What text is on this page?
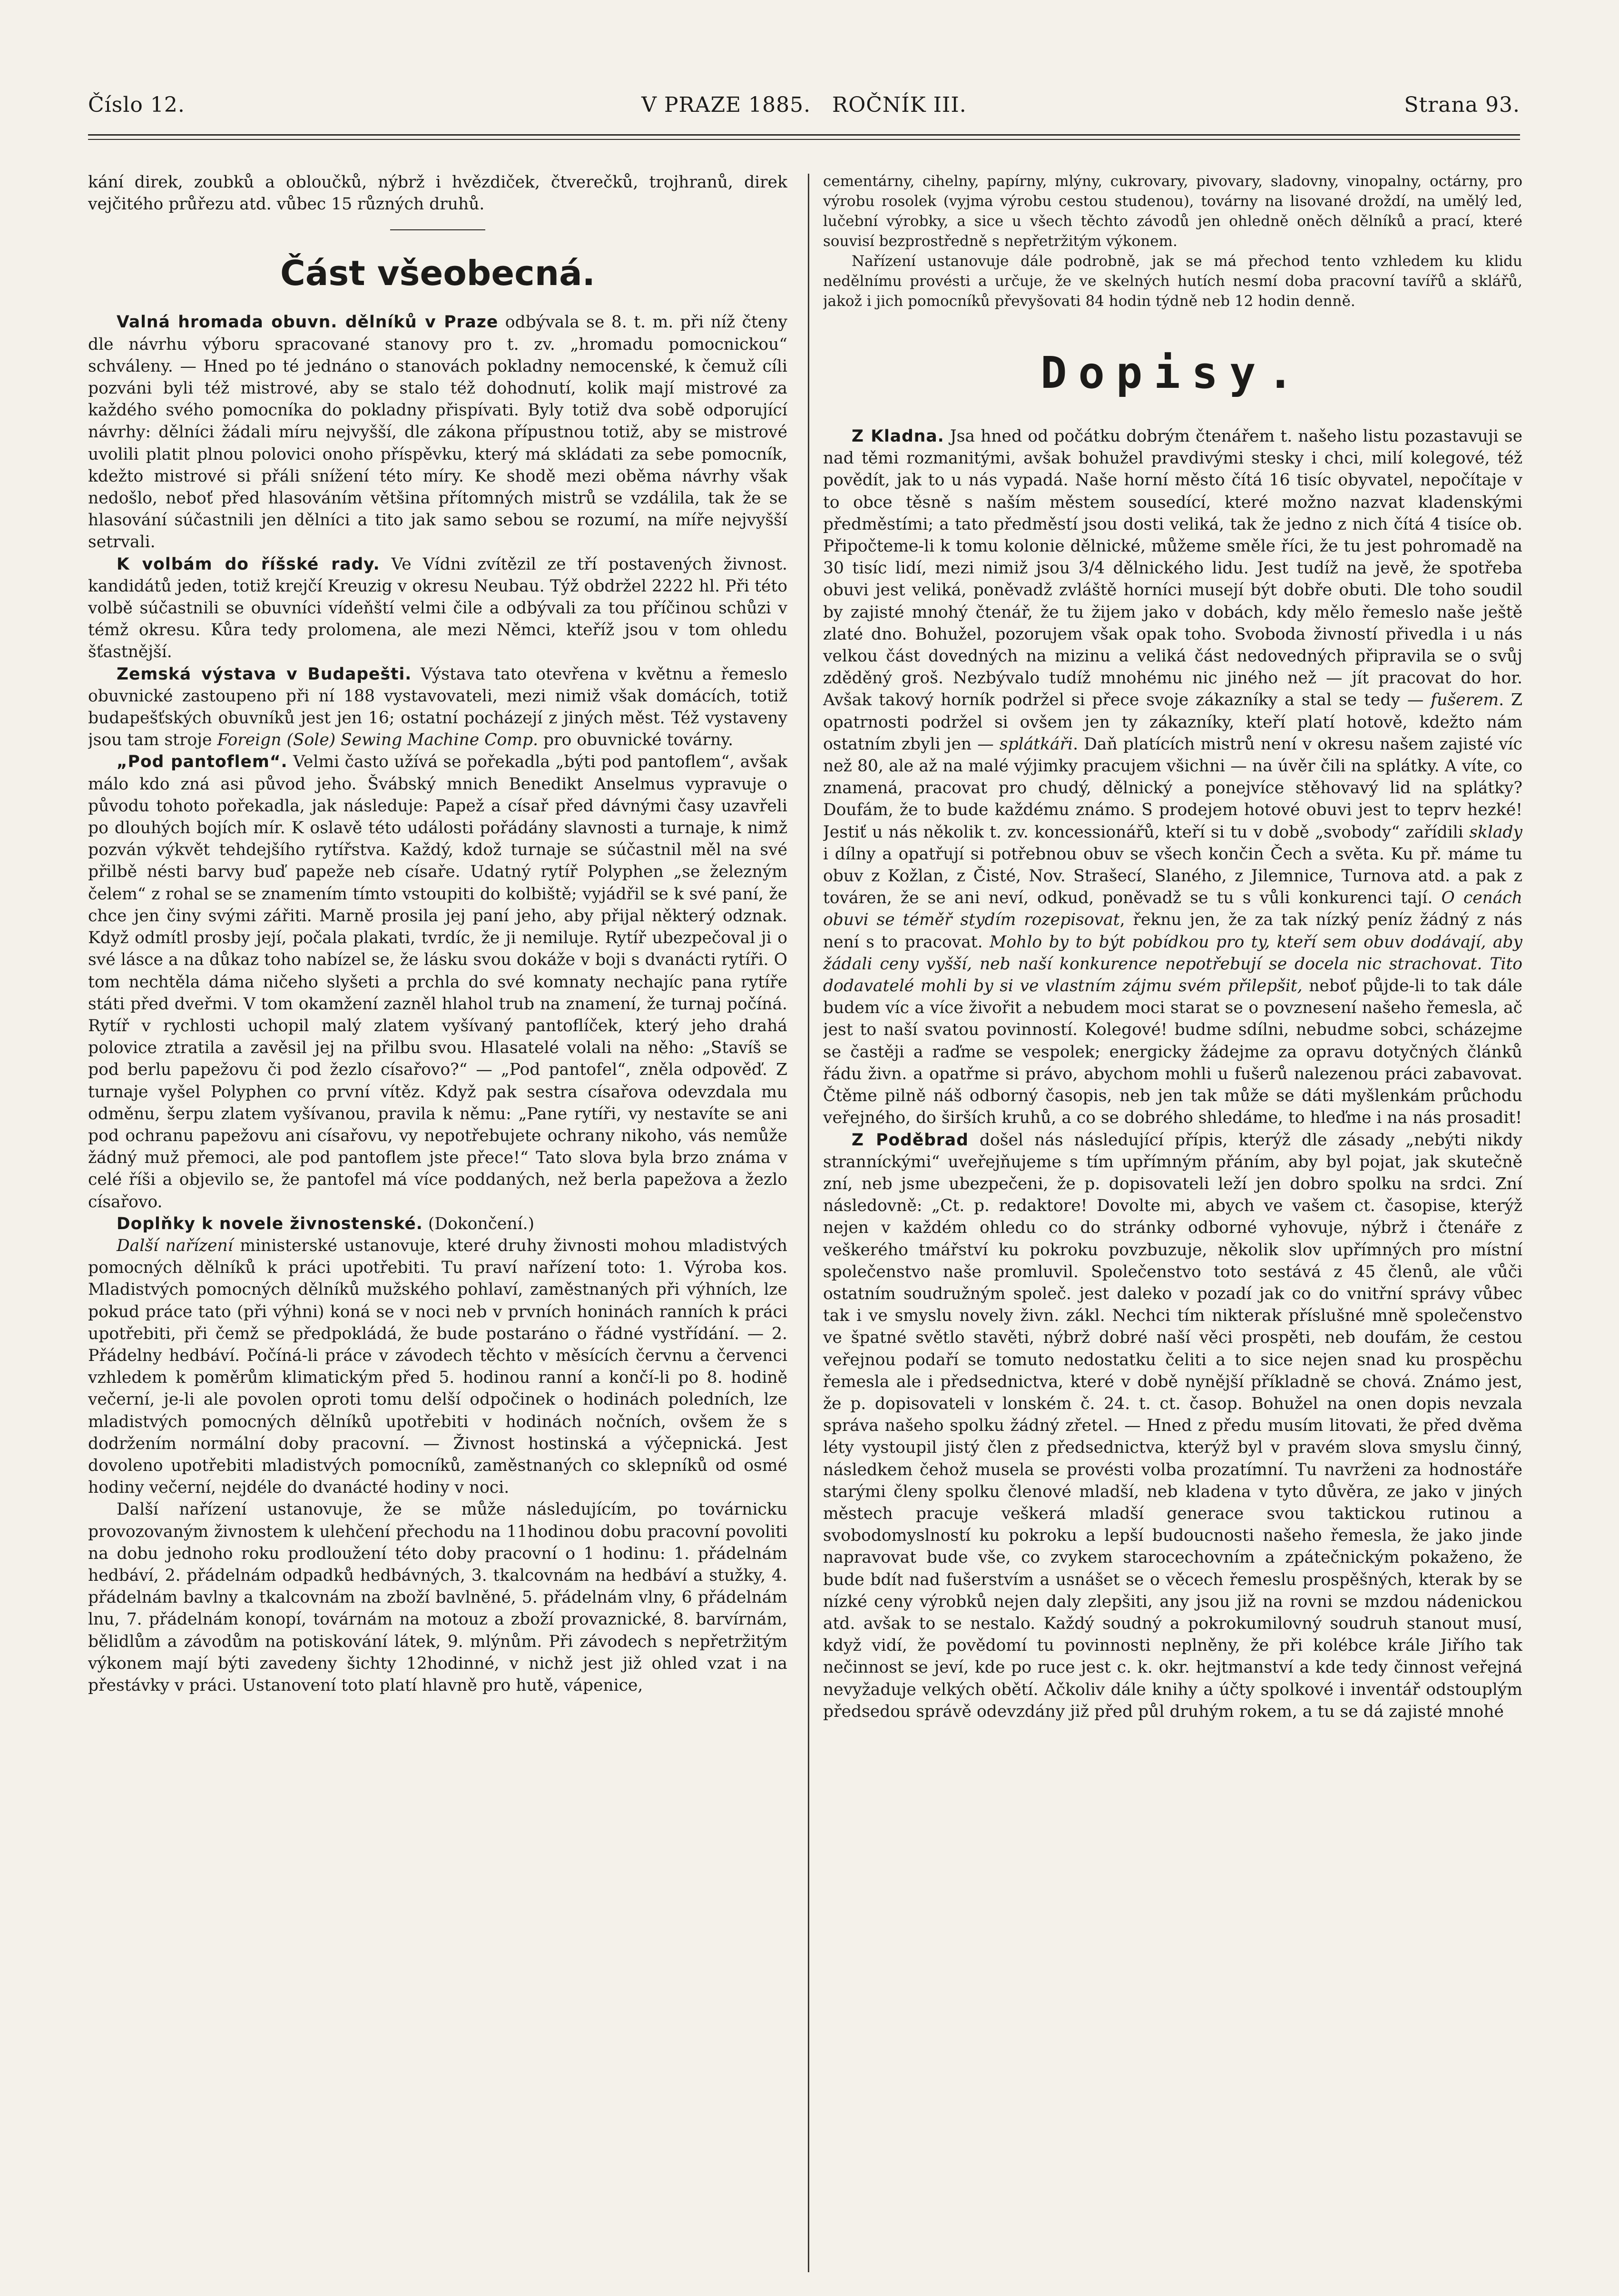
Číslo 12.	V PRAZE 1885.   ROČNÍK III.	Strana 93.

kání direk, zoubků a obloučků, nýbrž i hvězdiček, čtverečků, trojhranů, direk vejčitého průřezu atd. vůbec 15 různých druhů.

Část všeobecná.

Valná hromada obuvn. dělníků v Praze odbývala se 8. t. m. při níž čteny dle návrhu výboru spracované stanovy pro t. zv. „hromadu pomocnickou“ schváleny. — Hned po té jednáno o stanovách pokladny nemocenské, k čemuž cíli pozváni byli též mistrové, aby se stalo též dohodnutí, kolik mají mistrové za každého svého pomocníka do pokladny přispívati. Byly totiž dva sobě odporující návrhy: dělníci žádali míru nejvyšší, dle zákona přípustnou totiž, aby se mistrové uvolili platit plnou polovici onoho příspěvku, který má skládati za sebe pomocník, kdežto mistrové si přáli snížení této míry. Ke shodě mezi oběma návrhy však nedošlo, neboť před hlasováním většina přítomných mistrů se vzdálila, tak že se hlasování súčastnili jen dělníci a tito jak samo sebou se rozumí, na míře nejvyšší setrvali.

K volbám do říšské rady. Ve Vídni zvítězil ze tří postavených živnost. kandidátů jeden, totiž krejčí Kreuzig v okresu Neubau. Týž obdržel 2222 hl. Při této volbě súčastnili se obuvníci vídeňští velmi čile a odbývali za tou příčinou schůzi v témž okresu. Kůra tedy prolomena, ale mezi Němci, kteříž jsou v tom ohledu šťastnější.

Zemská výstava v Budapešti. Výstava tato otevřena v květnu a řemeslo obuvnické zastoupeno při ní 188 vystavovateli, mezi nimiž však domácích, totiž budapešťských obuvníků jest jen 16; ostatní pocházejí z jiných měst. Též vystaveny jsou tam stroje Foreign (Sole) Sewing Machine Comp. pro obuvnické továrny.

„Pod pantoflem“. Velmi často užívá se pořekadla „býti pod pantoflem“, avšak málo kdo zná asi původ jeho. Švábský mnich Benedikt Anselmus vypravuje o původu tohoto pořekadla, jak následuje: Papež a císař před dávnými časy uzavřeli po dlouhých bojích mír. K oslavě této události pořádány slavnosti a turnaje, k nimž pozván výkvět tehdejšího rytířstva. Každý, kdož turnaje se súčastnil měl na své přilbě nésti barvy buď papeže neb císaře. Udatný rytíř Polyphen „se železným čelem“ z rohal se se znamením tímto vstoupiti do kolbiště; vyjádřil se k své paní, že chce jen činy svými zářiti. Marně prosila jej paní jeho, aby přijal některý odznak. Když odmítl prosby její, počala plakati, tvrdíc, že ji nemiluje. Rytíř ubezpečoval ji o své lásce a na důkaz toho nabízel se, že lásku svou dokáže v boji s dvanácti rytíři. O tom nechtěla dáma ničeho slyšeti a prchla do své komnaty nechajíc pana rytíře státi před dveřmi. V tom okamžení zazněl hlahol trub na znamení, že turnaj počíná. Rytíř v rychlosti uchopil malý zlatem vyšívaný pantoflíček, který jeho drahá polovice ztratila a zavěsil jej na přilbu svou. Hlasatelé volali na něho: „Stavíš se pod berlu papežovu či pod žezlo císařovo?“ — „Pod pantofel“, zněla odpověď. Z turnaje vyšel Polyphen co první vítěz. Když pak sestra císařova odevzdala mu odměnu, šerpu zlatem vyšívanou, pravila k němu: „Pane rytíři, vy nestavíte se ani pod ochranu papežovu ani císařovu, vy nepotřebujete ochrany nikoho, vás nemůže žádný muž přemoci, ale pod pantoflem jste přece!“ Tato slova byla brzo známa v celé říši a objevilo se, že pantofel má více poddaných, než berla papežova a žezlo císařovo.

Doplňky k novele živnostenské. (Dokončení.)

Další nařízení ministerské ustanovuje, které druhy živnosti mohou mladistvých pomocných dělníků k práci upotřebiti. Tu praví nařízení toto: 1. Výroba kos. Mladistvých pomocných dělníků mužského pohlaví, zaměstnaných při výhních, lze pokud práce tato (při výhni) koná se v noci neb v prvních honinách ranních k práci upotřebiti, při čemž se předpokládá, že bude postaráno o řádné vystřídání. — 2. Přádelny hedbáví. Počíná-li práce v závodech těchto v měsících červnu a červenci vzhledem k poměrům klimatickým před 5. hodinou ranní a končí-li po 8. hodině večerní, je-li ale povolen oproti tomu delší odpočinek o hodinách poledních, lze mladistvých pomocných dělníků upotřebiti v hodinách nočních, ovšem že s dodržením normální doby pracovní. — Živnost hostinská a výčepnická. Jest dovoleno upotřebiti mladistvých pomocníků, zaměstnaných co sklepníků od osmé hodiny večerní, nejdéle do dvanácté hodiny v noci.

Další nařízení ustanovuje, že se může následujícím, po továrnicku provozovaným živnostem k ulehčení přechodu na 11hodinou dobu pracovní povoliti na dobu jednoho roku prodloužení této doby pracovní o 1 hodinu: 1. přádelnám hedbáví, 2. přádelnám odpadků hedbávných, 3. tkalcovnám na hedbáví a stužky, 4. přádelnám bavlny a tkalcovnám na zboží bavlněné, 5. přádelnám vlny, 6 přádelnám lnu, 7. přádelnám konopí, továrnám na motouz a zboží provaznické, 8. barvírnám, bělidlům a závodům na potiskování látek, 9. mlýnům. Při závodech s nepřetržitým výkonem mají býti zavedeny šichty 12hodinné, v nichž jest již ohled vzat i na přestávky v práci. Ustanovení toto platí hlavně pro hutě, vápenice,

cementárny, cihelny, papírny, mlýny, cukrovary, pivovary, sladovny, vinopalny, octárny, pro výrobu rosolek (vyjma výrobu cestou studenou), továrny na lisované droždí, na umělý led, lučební výrobky, a sice u všech těchto závodů jen ohledně oněch dělníků a prací, které souvisí bezprostředně s nepřetržitým výkonem.

Nařízení ustanovuje dále podrobně, jak se má přechod tento vzhledem ku klidu nedělnímu provésti a určuje, že ve skelných hutích nesmí doba pracovní tavířů a sklářů, jakož i jich pomocníků převyšovati 84 hodin týdně neb 12 hodin denně.

Dopisy.

Z Kladna. Jsa hned od počátku dobrým čtenářem t. našeho listu pozastavuji se nad těmi rozmanitými, avšak bohužel pravdivými stesky i chci, milí kolegové, též povědít, jak to u nás vypadá. Naše horní město čítá 16 tisíc obyvatel, nepočítaje v to obce těsně s naším městem sousedící, které možno nazvat kladenskými předměstími; a tato předměstí jsou dosti veliká, tak že jedno z nich čítá 4 tisíce ob. Připočteme-li k tomu kolonie dělnické, můžeme směle říci, že tu jest pohromadě na 30 tisíc lidí, mezi nimiž jsou 3/4 dělnického lidu. Jest tudíž na jevě, že spotřeba obuvi jest veliká, poněvadž zvláště horníci musejí být dobře obuti. Dle toho soudil by zajisté mnohý čtenář, že tu žijem jako v dobách, kdy mělo řemeslo naše ještě zlaté dno. Bohužel, pozorujem však opak toho. Svoboda živností přivedla i u nás velkou část dovedných na mizinu a veliká část nedovedných připravila se o svůj zděděný groš. Nezbývalo tudíž mnohému nic jiného než — jít pracovat do hor. Avšak takový horník podržel si přece svoje zákazníky a stal se tedy — fušerem. Z opatrnosti podržel si ovšem jen ty zákazníky, kteří platí hotově, kdežto nám ostatním zbyli jen — splátkáři. Daň platících mistrů není v okresu našem zajisté víc než 80, ale až na malé výjimky pracujem všichni — na úvěr čili na splátky. A víte, co znamená, pracovat pro chudý, dělnický a ponejvíce stěhovavý lid na splátky? Doufám, že to bude každému známo. S prodejem hotové obuvi jest to teprv hezké! Jestiť u nás několik t. zv. koncessionářů, kteří si tu v době „svobody“ zařídili sklady i dílny a opatřují si potřebnou obuv se všech končin Čech a světa. Ku př. máme tu obuv z Kožlan, z Čisté, Nov. Strašecí, Slaného, z Jilemnice, Turnova atd. a pak z továren, že se ani neví, odkud, poněvadž se tu s vůli konkurenci tají. O cenách obuvi se téměř stydím rozepisovat, řeknu jen, že za tak nízký peníz žádný z nás není s to pracovat. Mohlo by to být pobídkou pro ty, kteří sem obuv dodávají, aby žádali ceny vyšší, neb naší konkurence nepotřebují se docela nic strachovat. Tito dodavatelé mohli by si ve vlastním zájmu svém přilepšit, neboť půjde-li to tak dále budem víc a více živořit a nebudem moci starat se o povznesení našeho řemesla, ač jest to naší svatou povinností. Kolegové! budme sdílni, nebudme sobci, scházejme se častěji a raďme se vespolek; energicky žádejme za opravu dotyčných článků řádu živn. a opatřme si právo, abychom mohli u fušerů nalezenou práci zabavovat. Čtěme pilně náš odborný časopis, neb jen tak může se dáti myšlenkám průchodu veřejného, do širších kruhů, a co se dobrého shledáme, to hleďme i na nás prosadit!

Z Poděbrad došel nás následující přípis, kterýž dle zásady „nebýti nikdy stranníckými“ uveřejňujeme s tím upřímným přáním, aby byl pojat, jak skutečně zní, neb jsme ubezpečeni, že p. dopisovateli leží jen dobro spolku na srdci. Zní následovně: „Ct. p. redaktore! Dovolte mi, abych ve vašem ct. časopise, kterýž nejen v každém ohledu co do stránky odborné vyhovuje, nýbrž i čtenáře z veškerého tmářství ku pokroku povzbuzuje, několik slov upřímných pro místní společenstvo naše promluvil. Společenstvo toto sestává z 45 členů, ale vůči ostatním soudružným společ. jest daleko v pozadí jak co do vnitřní správy vůbec tak i ve smyslu novely živn. zákl. Nechci tím nikterak příslušné mně společenstvo ve špatné světlo stavěti, nýbrž dobré naší věci prospěti, neb doufám, že cestou veřejnou podaří se tomuto nedostatku čeliti a to sice nejen snad ku prospěchu řemesla ale i předsednictva, které v době nynější příkladně se chová. Známo jest, že p. dopisovateli v lonském č. 24. t. ct. časop. Bohužel na onen dopis nevzala správa našeho spolku žádný zřetel. — Hned z předu musím litovati, že před dvěma léty vystoupil jistý člen z předsednictva, kterýž byl v pravém slova smyslu činný, následkem čehož musela se provésti volba prozatímní. Tu navrženi za hodnostáře starými členy spolku členové mladší, neb kladena v tyto důvěra, ze jako v jiných městech pracuje veškerá mladší generace svou taktickou rutinou a svobodomyslností ku pokroku a lepší budoucnosti našeho řemesla, že jako jinde napravovat bude vše, co zvykem starocechovním a zpátečnickým pokaženo, že bude bdít nad fušerstvím a usnášet se o věcech řemeslu prospěšných, kterak by se nízké ceny výrobků nejen daly zlepšiti, any jsou již na rovni se mzdou nádenickou atd. avšak to se nestalo. Každý soudný a pokrokumilovný soudruh stanout musí, když vidí, že povědomí tu povinnosti neplněny, že při kolébce krále Jiřího tak nečinnost se jeví, kde po ruce jest c. k. okr. hejtmanství a kde tedy činnost veřejná nevyžaduje velkých obětí. Ačkoliv dále knihy a účty spolkové i inventář odstouplým předsedou správě odevzdány již před půl druhým rokem, a tu se dá zajisté mnohé
